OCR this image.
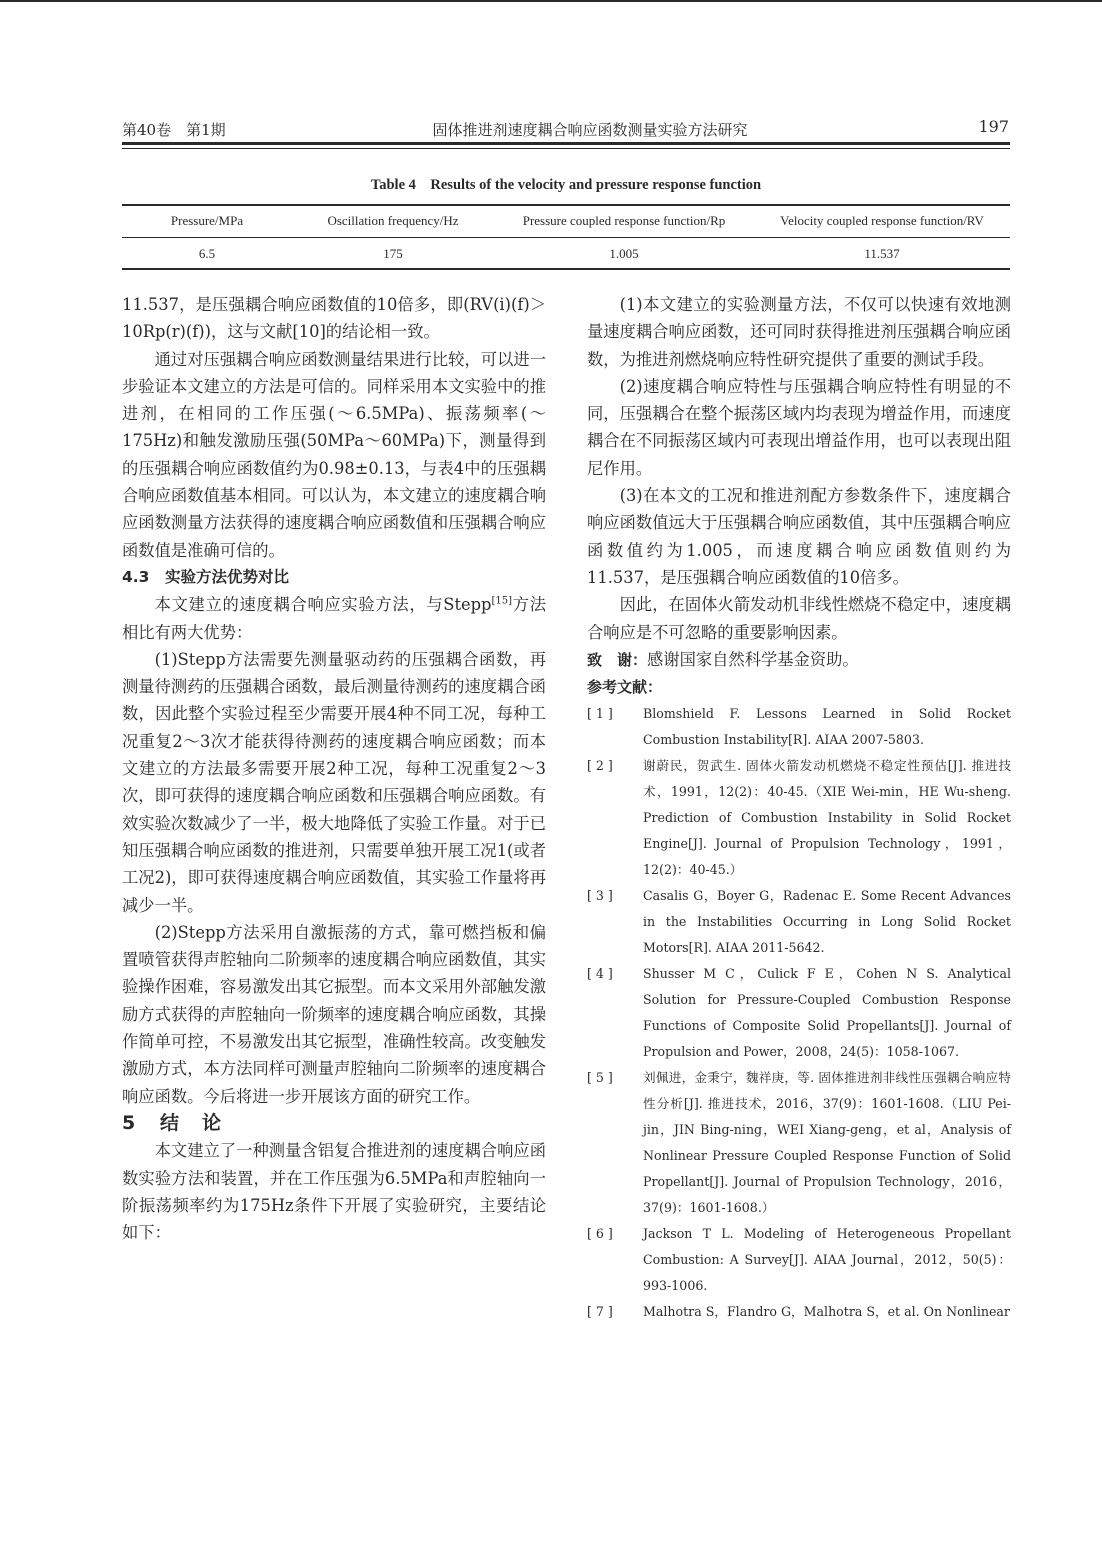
第40卷　第1期	固体推进剂速度耦合响应函数测量实验方法研究	197
Table 4　Results of the velocity and pressure response function
Pressure/MPa	Oscillation frequency/Hz	Pressure coupled response function/Rp	Velocity coupled response function/RV
6.5	175	1.005	11.537

11.537，是压强耦合响应函数值的10倍多，即(RV(i)(f)＞10Rp(r)(f))，这与文献[10]的结论相一致。

通过对压强耦合响应函数测量结果进行比较，可以进一步验证本文建立的方法是可信的。同样采用本文实验中的推进剂，在相同的工作压强(～6.5MPa)、振荡频率(～175Hz)和触发激励压强(50MPa～60MPa)下，测量得到的压强耦合响应函数值约为0.98±0.13，与表4中的压强耦合响应函数值基本相同。可以认为，本文建立的速度耦合响应函数测量方法获得的速度耦合响应函数值和压强耦合响应函数值是准确可信的。

4.3　实验方法优势对比

本文建立的速度耦合响应实验方法，与Stepp[15]方法相比有两大优势：

(1)Stepp方法需要先测量驱动药的压强耦合函数，再测量待测药的压强耦合函数，最后测量待测药的速度耦合函数，因此整个实验过程至少需要开展4种不同工况，每种工况重复2～3次才能获得待测药的速度耦合响应函数；而本文建立的方法最多需要开展2种工况，每种工况重复2～3次，即可获得的速度耦合响应函数和压强耦合响应函数。有效实验次数减少了一半，极大地降低了实验工作量。对于已知压强耦合响应函数的推进剂，只需要单独开展工况1(或者工况2)，即可获得速度耦合响应函数值，其实验工作量将再减少一半。

(2)Stepp方法采用自激振荡的方式，靠可燃挡板和偏置喷管获得声腔轴向二阶频率的速度耦合响应函数值，其实验操作困难，容易激发出其它振型。而本文采用外部触发激励方式获得的声腔轴向一阶频率的速度耦合响应函数，其操作简单可控，不易激发出其它振型，准确性较高。改变触发激励方式，本方法同样可测量声腔轴向二阶频率的速度耦合响应函数。今后将进一步开展该方面的研究工作。

5 结　论

本文建立了一种测量含铝复合推进剂的速度耦合响应函数实验方法和装置，并在工作压强为6.5MPa和声腔轴向一阶振荡频率约为175Hz条件下开展了实验研究，主要结论如下：

(1)本文建立的实验测量方法，不仅可以快速有效地测量速度耦合响应函数，还可同时获得推进剂压强耦合响应函数，为推进剂燃烧响应特性研究提供了重要的测试手段。

(2)速度耦合响应特性与压强耦合响应特性有明显的不同，压强耦合在整个振荡区域内均表现为增益作用，而速度耦合在不同振荡区域内可表现出增益作用，也可以表现出阻尼作用。

(3)在本文的工况和推进剂配方参数条件下，速度耦合响应函数值远大于压强耦合响应函数值，其中压强耦合响应函数值约为1.005，而速度耦合响应函数值则约为11.537，是压强耦合响应函数值的10倍多。

因此，在固体火箭发动机非线性燃烧不稳定中，速度耦合响应是不可忽略的重要影响因素。

致　谢：感谢国家自然科学基金资助。

参考文献：

[ 1 ]	Blomshield F. Lessons Learned in Solid Rocket Combustion Instability[R]. AIAA 2007-5803.
[ 2 ]	谢蔚民，贺武生. 固体火箭发动机燃烧不稳定性预估[J]. 推进技术，1991，12(2)：40-45.（XIE Wei-min，HE Wu-sheng. Prediction of Combustion Instability in Solid Rocket Engine[J]. Journal of Propulsion Technology，1991，12(2)：40-45.）
[ 3 ]	Casalis G，Boyer G，Radenac E. Some Recent Advances in the Instabilities Occurring in Long Solid Rocket Motors[R]. AIAA 2011-5642.
[ 4 ]	Shusser M C，Culick F E，Cohen N S. Analytical Solution for Pressure-Coupled Combustion Response Functions of Composite Solid Propellants[J]. Journal of Propulsion and Power，2008，24(5)：1058-1067.
[ 5 ]	刘佩进，金秉宁，魏祥庚，等. 固体推进剂非线性压强耦合响应特性分析[J]. 推进技术，2016，37(9)：1601-1608.（LIU Pei-jin，JIN Bing-ning，WEI Xiang-geng，et al，Analysis of Nonlinear Pressure Coupled Response Function of Solid Propellant[J]. Journal of Propulsion Technology，2016，37(9)：1601-1608.）
[ 6 ]	Jackson T L. Modeling of Heterogeneous Propellant Combustion: A Survey[J]. AIAA Journal，2012，50(5)：993-1006.
[ 7 ]	Malhotra S，Flandro G，Malhotra S，et al. On Nonlinear
